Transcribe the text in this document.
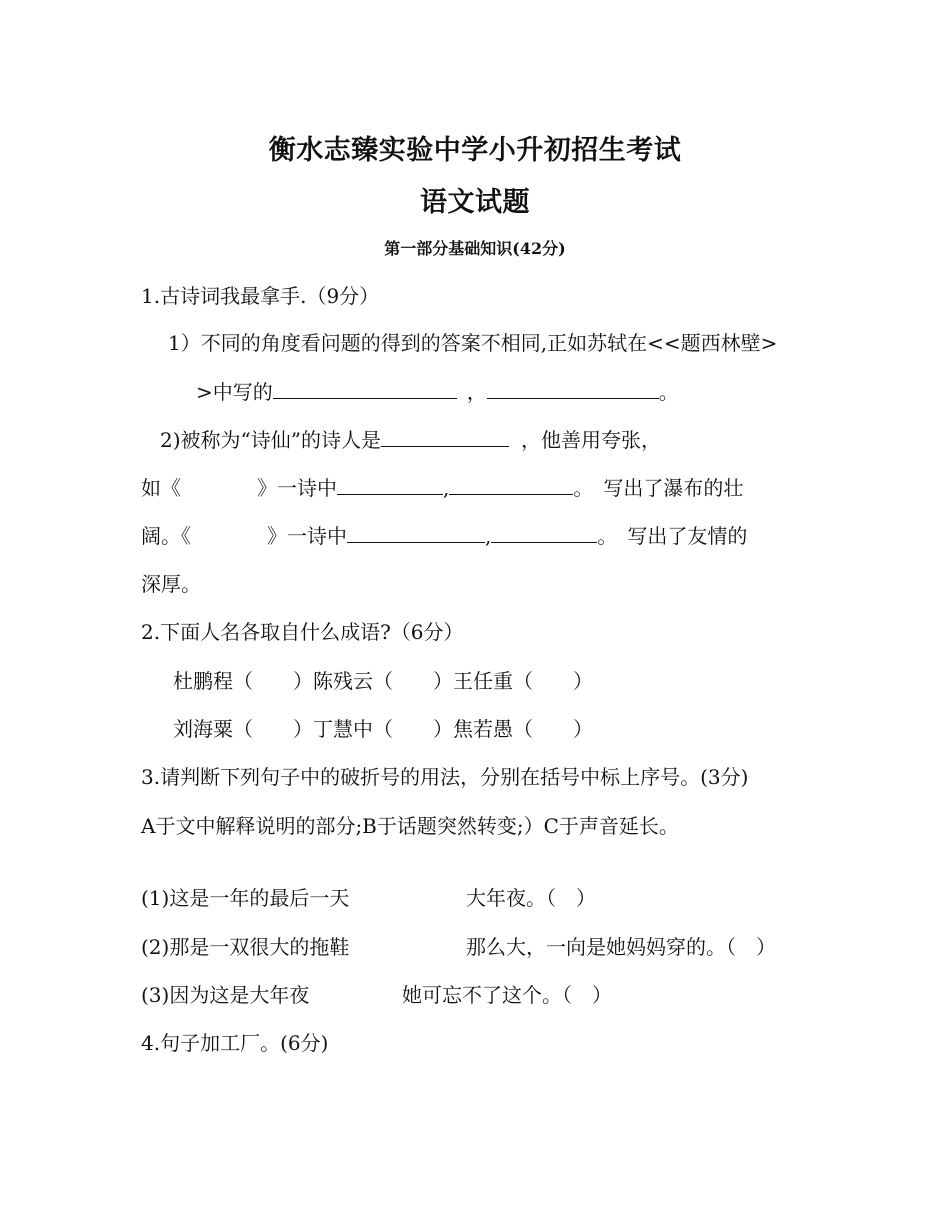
衡水志臻实验中学小升初招生考试
语文试题
第一部分基础知识(42分)
1.古诗词我最拿手.（9分）
1）不同的角度看问题的得到的答案不相同,正如苏轼在<<题西林壁>
>中写的	，	。
2)被称为“诗仙”的诗人是	，他善用夸张，
如《	》一诗中	,	。　写出了瀑布的壮
阔。《	》一诗中	,	。　写出了友情的
深厚。
2.下面人名各取自什么成语?（6分）
杜鹏程（　　）陈残云（　　）王任重（　　）
刘海粟（　　）丁慧中（　　）焦若愚（　　）
3.请判断下列句子中的破折号的用法，分别在括号中标上序号。(3分)
A于文中解释说明的部分;B于话题突然转变;）C于声音延长。
(1)这是一年的最后一天	大年夜。（　）
(2)那是一双很大的拖鞋	那么大，一向是她妈妈穿的。（　）
(3)因为这是大年夜	她可忘不了这个。（　）
4.句子加工厂。(6分)
